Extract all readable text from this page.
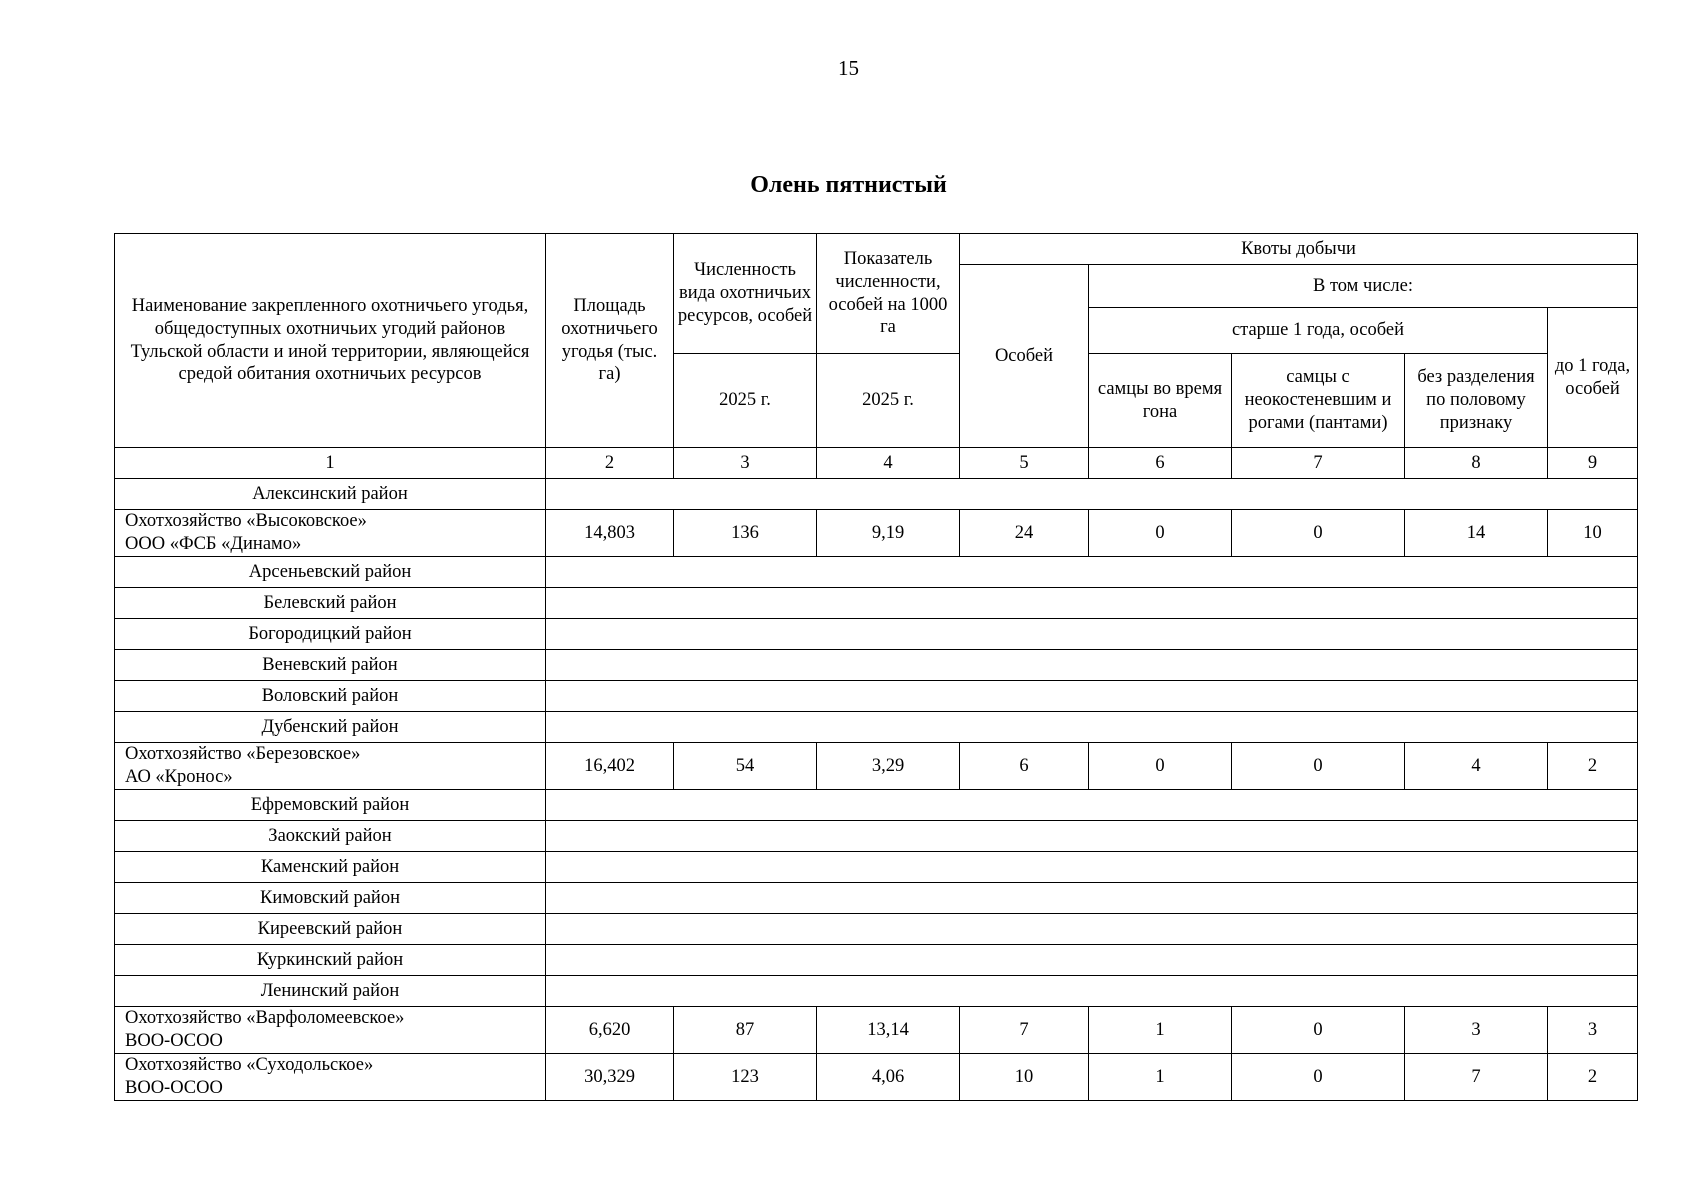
15
Олень пятнистый
Наименование закрепленного охотничьего угодья, общедоступных охотничьих угодий районов Тульской области и иной территории, являющейся средой обитания охотничьих ресурсов	Площадь охотничьего угодья (тыс. га)	Численность вида охотничьих ресурсов, особей	Показатель численности, особей на 1000 га	Квоты добычи				
				Особей	В том числе:			
					старше 1 года, особей			до 1 года, особей
		2025 г.	2025 г.		самцы во время гона	самцы с неокостеневшим и рогами (пантами)	без разделения по половому признаку	
1	2	3	4	5	6	7	8	9
Алексинский район								

Охотхозяйство «Высоковское»
ООО «ФСБ «Динамо»	14,803	136	9,19	24	0	0	14	10
Арсеньевский район								
Белевский район								
Богородицкий район								
Веневский район								
Воловский район								
Дубенский район								

Охотхозяйство «Березовское»
АО «Кронос»	16,402	54	3,29	6	0	0	4	2
Ефремовский район								
Заокский район								
Каменский район								
Кимовский район								
Киреевский район								
Куркинский район								
Ленинский район								

Охотхозяйство «Варфоломеевское»
ВОО-ОСОО	6,620	87	13,14	7	1	0	3	3

Охотхозяйство «Суходольское»
ВОО-ОСОО	30,329	123	4,06	10	1	0	7	2
